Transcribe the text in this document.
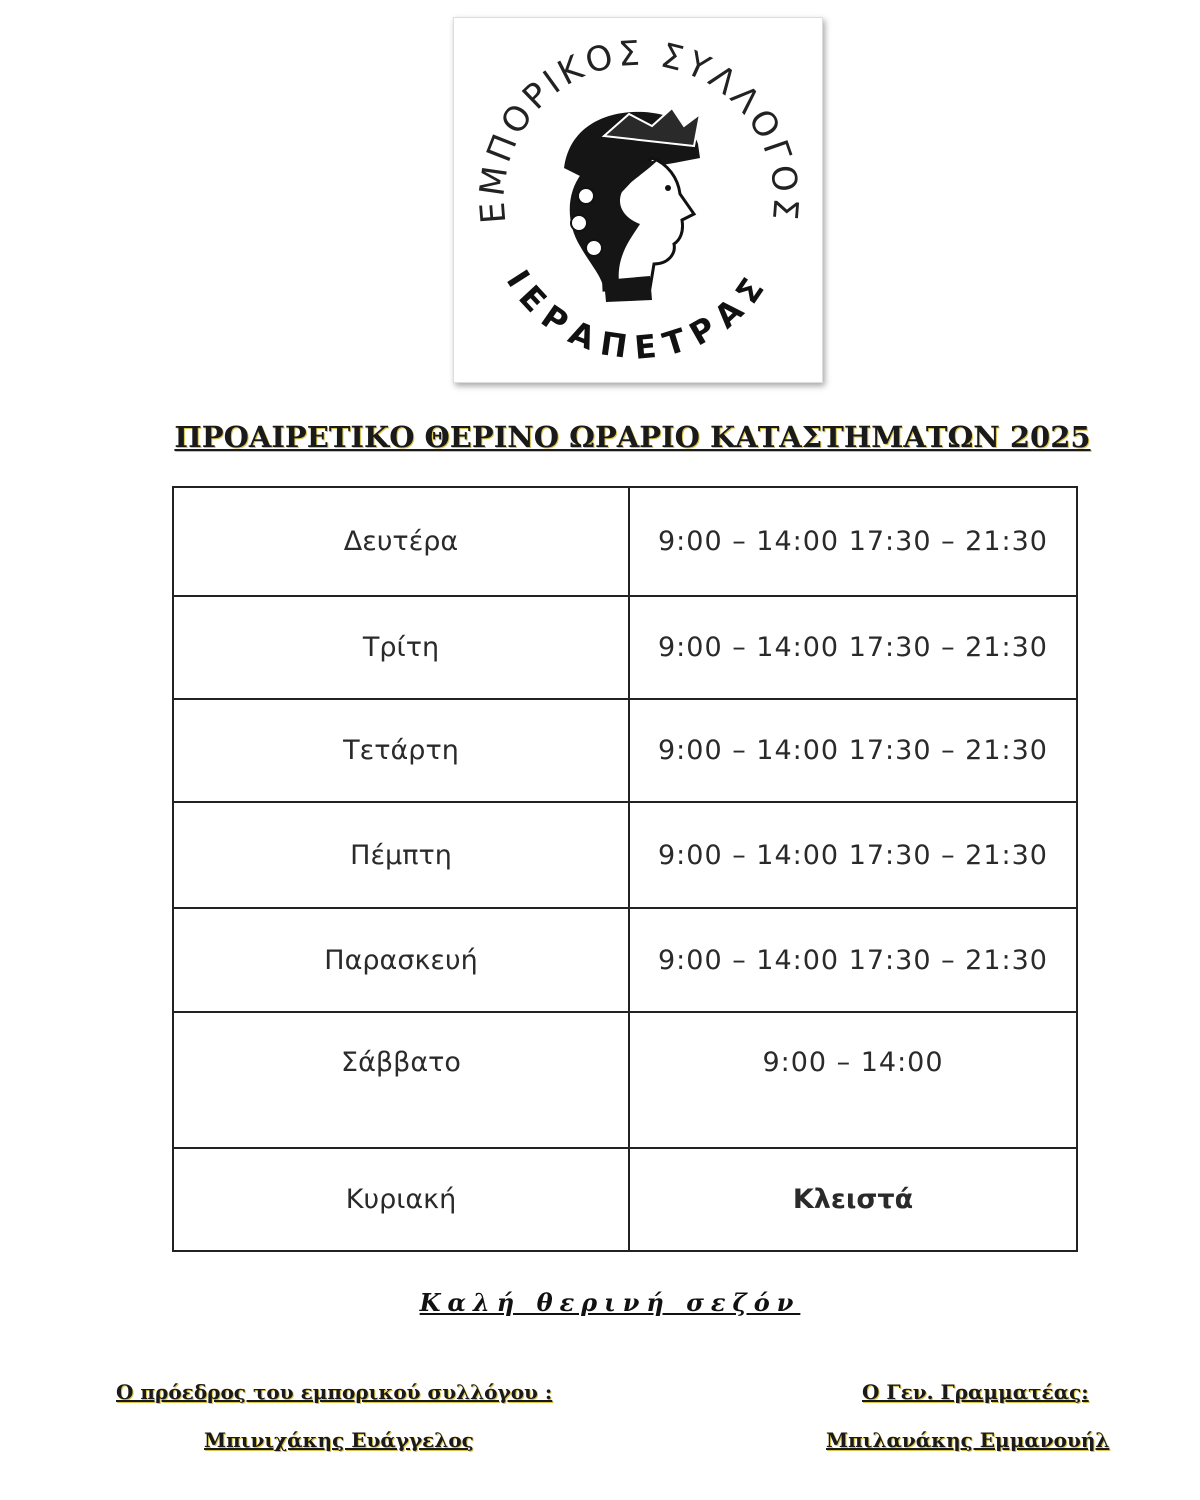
ΕΜΠΟΡΙΚΟΣ ΣΥΛΛΟΓΟΣ
ΙΕΡΑΠΕΤΡΑΣ
ΠΡΟΑΙΡΕΤΙΚΟ ΘΕΡΙΝΟ ΩΡΑΡΙΟ ΚΑΤΑΣΤΗΜΑΤΩΝ 2025
Δευτέρα	9:00 – 14:00 17:30 – 21:30
Τρίτη	9:00 – 14:00 17:30 – 21:30
Τετάρτη	9:00 – 14:00 17:30 – 21:30
Πέμπτη	9:00 – 14:00 17:30 – 21:30
Παρασκευή	9:00 – 14:00 17:30 – 21:30
Σάββατο	9:00 – 14:00
Κυριακή	Κλειστά
Καλή θερινή σεζόν
Ο πρόεδρος του εμπορικού συλλόγου :
Μπινιχάκης Ευάγγελος
Ο Γεν. Γραμματέας:
Μπιλανάκης Εμμανουήλ
